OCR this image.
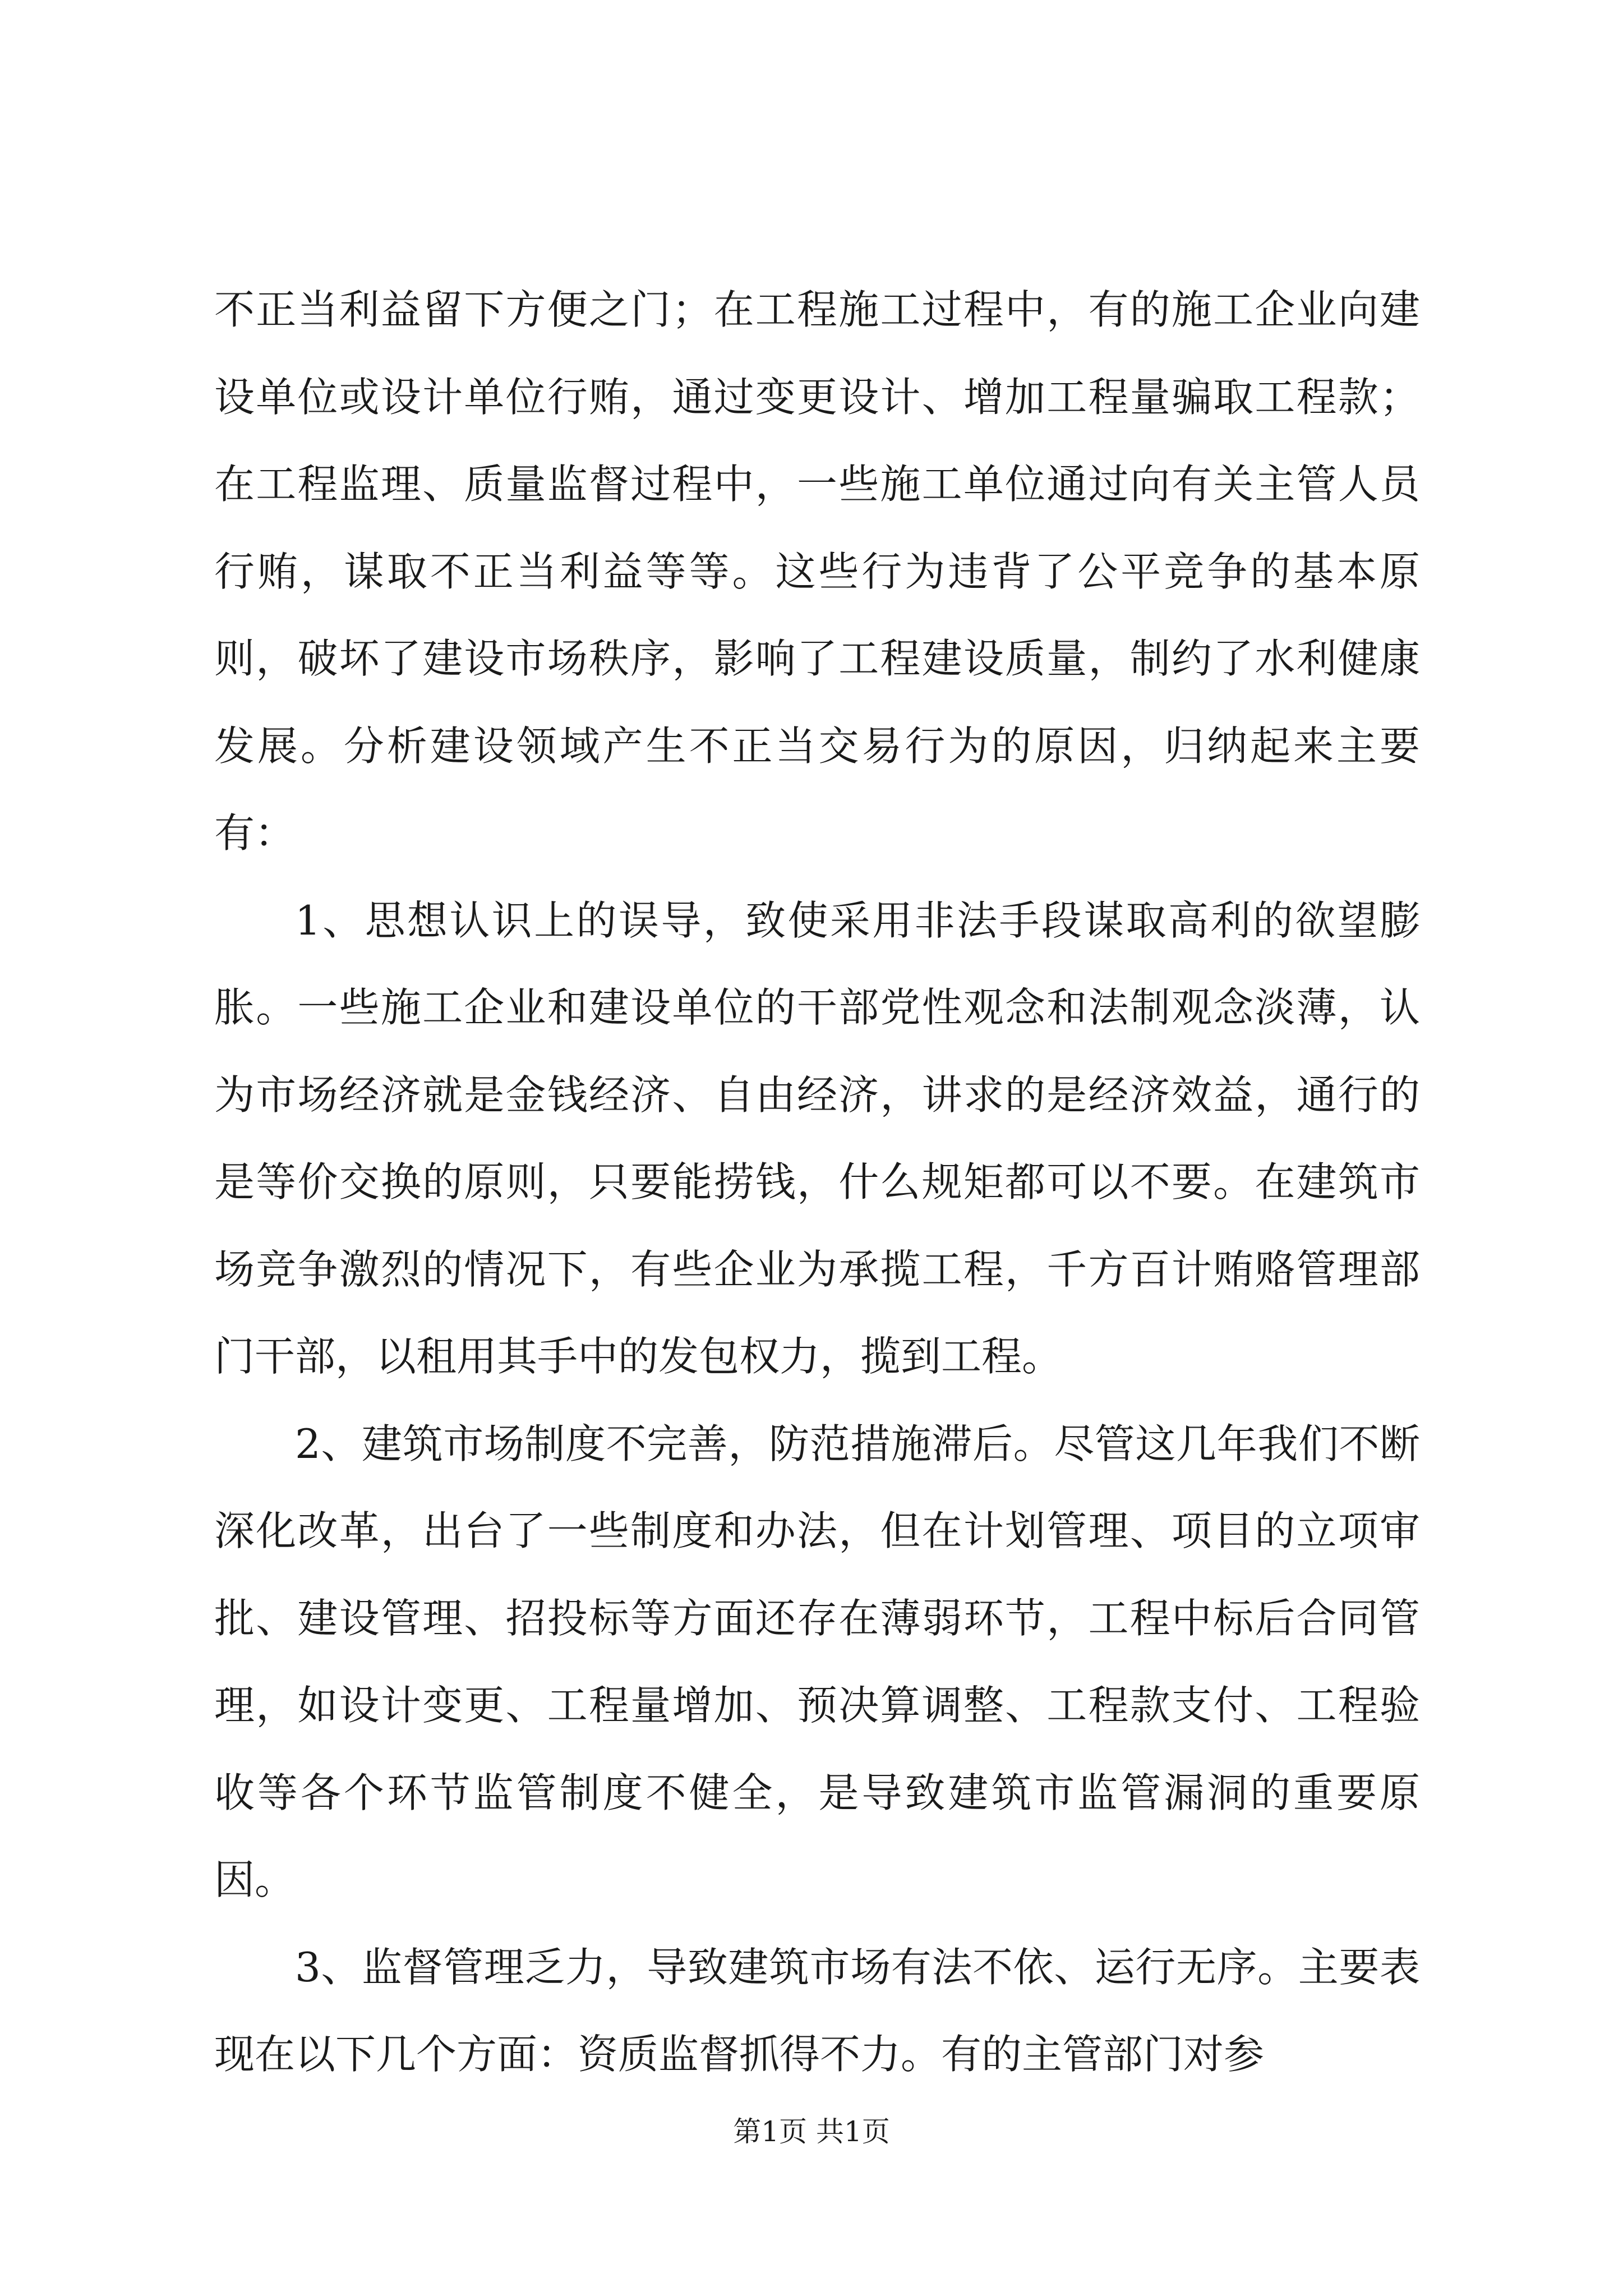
不正当利益留下方便之门；在工程施工过程中，有的施工企业向建设单位或设计单位行贿，通过变更设计、增加工程量骗取工程款；在工程监理、质量监督过程中，一些施工单位通过向有关主管人员行贿，谋取不正当利益等等。这些行为违背了公平竞争的基本原则，破坏了建设市场秩序，影响了工程建设质量，制约了水利健康发展。分析建设领域产生不正当交易行为的原因，归纳起来主要有：

1、思想认识上的误导，致使采用非法手段谋取高利的欲望膨胀。一些施工企业和建设单位的干部党性观念和法制观念淡薄，认为市场经济就是金钱经济、自由经济，讲求的是经济效益，通行的是等价交换的原则，只要能捞钱，什么规矩都可以不要。在建筑市场竞争激烈的情况下，有些企业为承揽工程，千方百计贿赂管理部门干部，以租用其手中的发包权力，揽到工程。

2、建筑市场制度不完善，防范措施滞后。尽管这几年我们不断深化改革，出台了一些制度和办法，但在计划管理、项目的立项审批、建设管理、招投标等方面还存在薄弱环节，工程中标后合同管理，如设计变更、工程量增加、预决算调整、工程款支付、工程验收等各个环节监管制度不健全，是导致建筑市监管漏洞的重要原因。

3、监督管理乏力，导致建筑市场有法不依、运行无序。主要表现在以下几个方面：资质监督抓得不力。有的主管部门对参

第1页 共1页
